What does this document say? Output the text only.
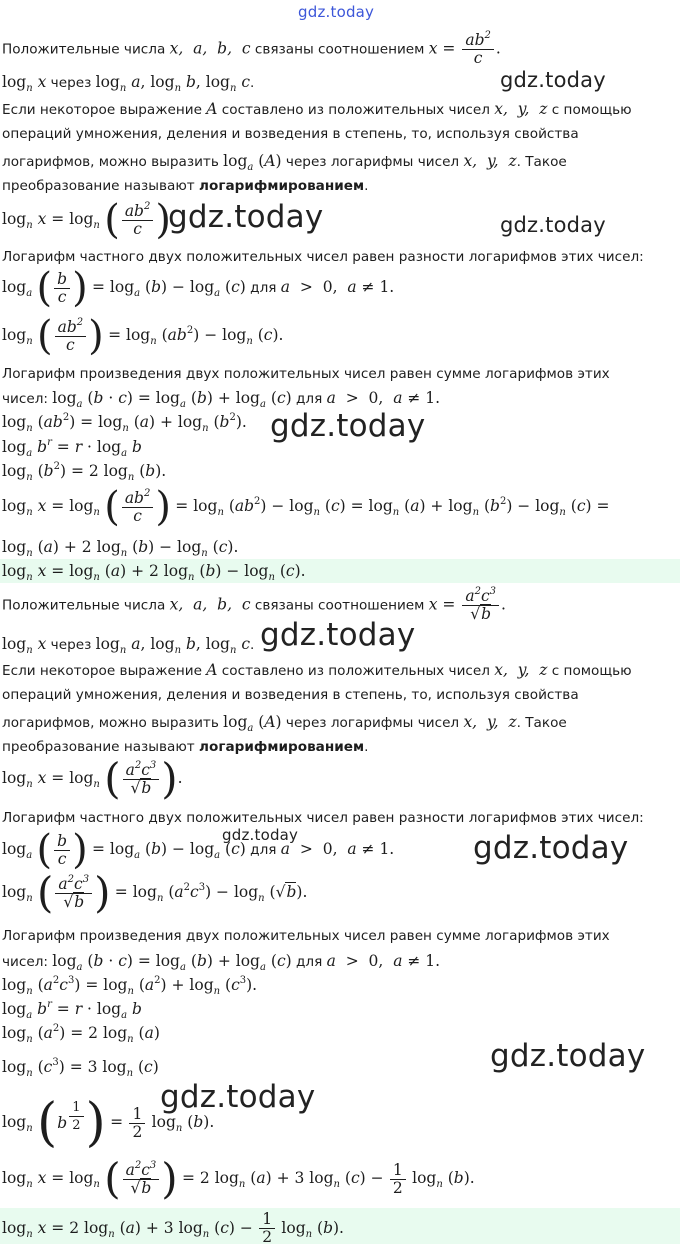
gdz.today
Положительные числа x,  a,  b,  c связаны соотношением $x = \frac{ab^2}{c}$ .
$\log_n x$ через $\log_n a$, $\log_n b$, $\log_n c$.	gdz.today
Если некоторое выражение A составлено из положительных чисел x,  y,  z с помощью
операций умножения, деления и возведения в степень, то, используя свойства
логарифмов, можно выразить $\log_a (A)$ через логарифмы чисел x,  y,  z. Такое
преобразование называют логарифмированием.
$\log_n x = \log_n$ ( $\frac{ab^2}{c}$ )
gdz.today	gdz.today
Логарифм частного двух положительных чисел равен разности логарифмов этих чисел:
$\log_a$ ( $\frac{b}{c}$ ) = $\log_a (b) - \log_a (c)$ для a  >  0,  a ≠ 1.
$\log_n$ ( $\frac{ab^2}{c}$ ) = $\log_n (ab^2) - \log_n (c)$.
Логарифм произведения двух положительных чисел равен сумме логарифмов этих
чисел: $\log_a (b \cdot c) = \log_a (b) + \log_a (c)$ для a  >  0,  a ≠ 1.
$\log_n (ab^2) = \log_n (a) + \log_n (b^2)$. gdz.today
$\log_a b^r = r \cdot \log_a b$
$\log_n (b^2) = 2$ $\log_n (b)$.
$\log_n x = \log_n$ ( $\frac{ab^2}{c}$ ) = $\log_n (ab^2) - \log_n (c) = \log_n (a) + \log_n (b^2) - \log_n (c)$ =
$\log_n (a) + 2$ $\log_n (b) - \log_n (c)$.
$\log_n x = \log_n (a) + 2$ $\log_n (b) - \log_n (c)$.
Положительные числа x,  a,  b,  c связаны соотношением $x = \frac{a^2c^3}{√b}$ .
$\log_n x$ через $\log_n a$, $\log_n b$, $\log_n c$. gdz.today
Если некоторое выражение A составлено из положительных чисел x,  y,  z с помощью
операций умножения, деления и возведения в степень, то, используя свойства
логарифмов, можно выразить $\log_a (A)$ через логарифмы чисел x,  y,  z. Такое
преобразование называют логарифмированием.
$\log_n x = \log_n$ ( $\frac{a^2c^3}{√b}$ ).
Логарифм частного двух положительных чисел равен разности логарифмов этих чисел:
$\log_a$ ( $\frac{b}{c}$ ) = $\log_a (b) - \log_a (c)$ для a  >  0,  a ≠ 1.
gdz.today	gdz.today
$\log_n$ ( $\frac{a^2c^3}{√b}$ ) = $\log_n (a^2c^3) - \log_n (√b)$.
Логарифм произведения двух положительных чисел равен сумме логарифмов этих
чисел: $\log_a (b \cdot c) = \log_a (b) + \log_a (c)$ для a  >  0,  a ≠ 1.
$\log_n (a^2c^3) = \log_n (a^2) + \log_n (c^3)$.
$\log_a b^r = r \cdot \log_a b$
$\log_n (a^2) = 2$ $\log_n (a)$
$\log_n (c^3) = 3$ $\log_n (c)$	gdz.today
gdz.today
$\log_n (b \frac{1}{2}$ ) = $\frac{1}{2} \log_n (b)$.
$\log_n x = \log_n$ ( $\frac{a^2c^3}{√b}$ ) = 2 $\log_n (a) + 3$ $\log_n (c) - \frac{1}{2} \log_n (b)$.
$\log_n x = 2$ $\log_n (a) + 3$ $\log_n (c) - \frac{1}{2} \log_n (b)$.
